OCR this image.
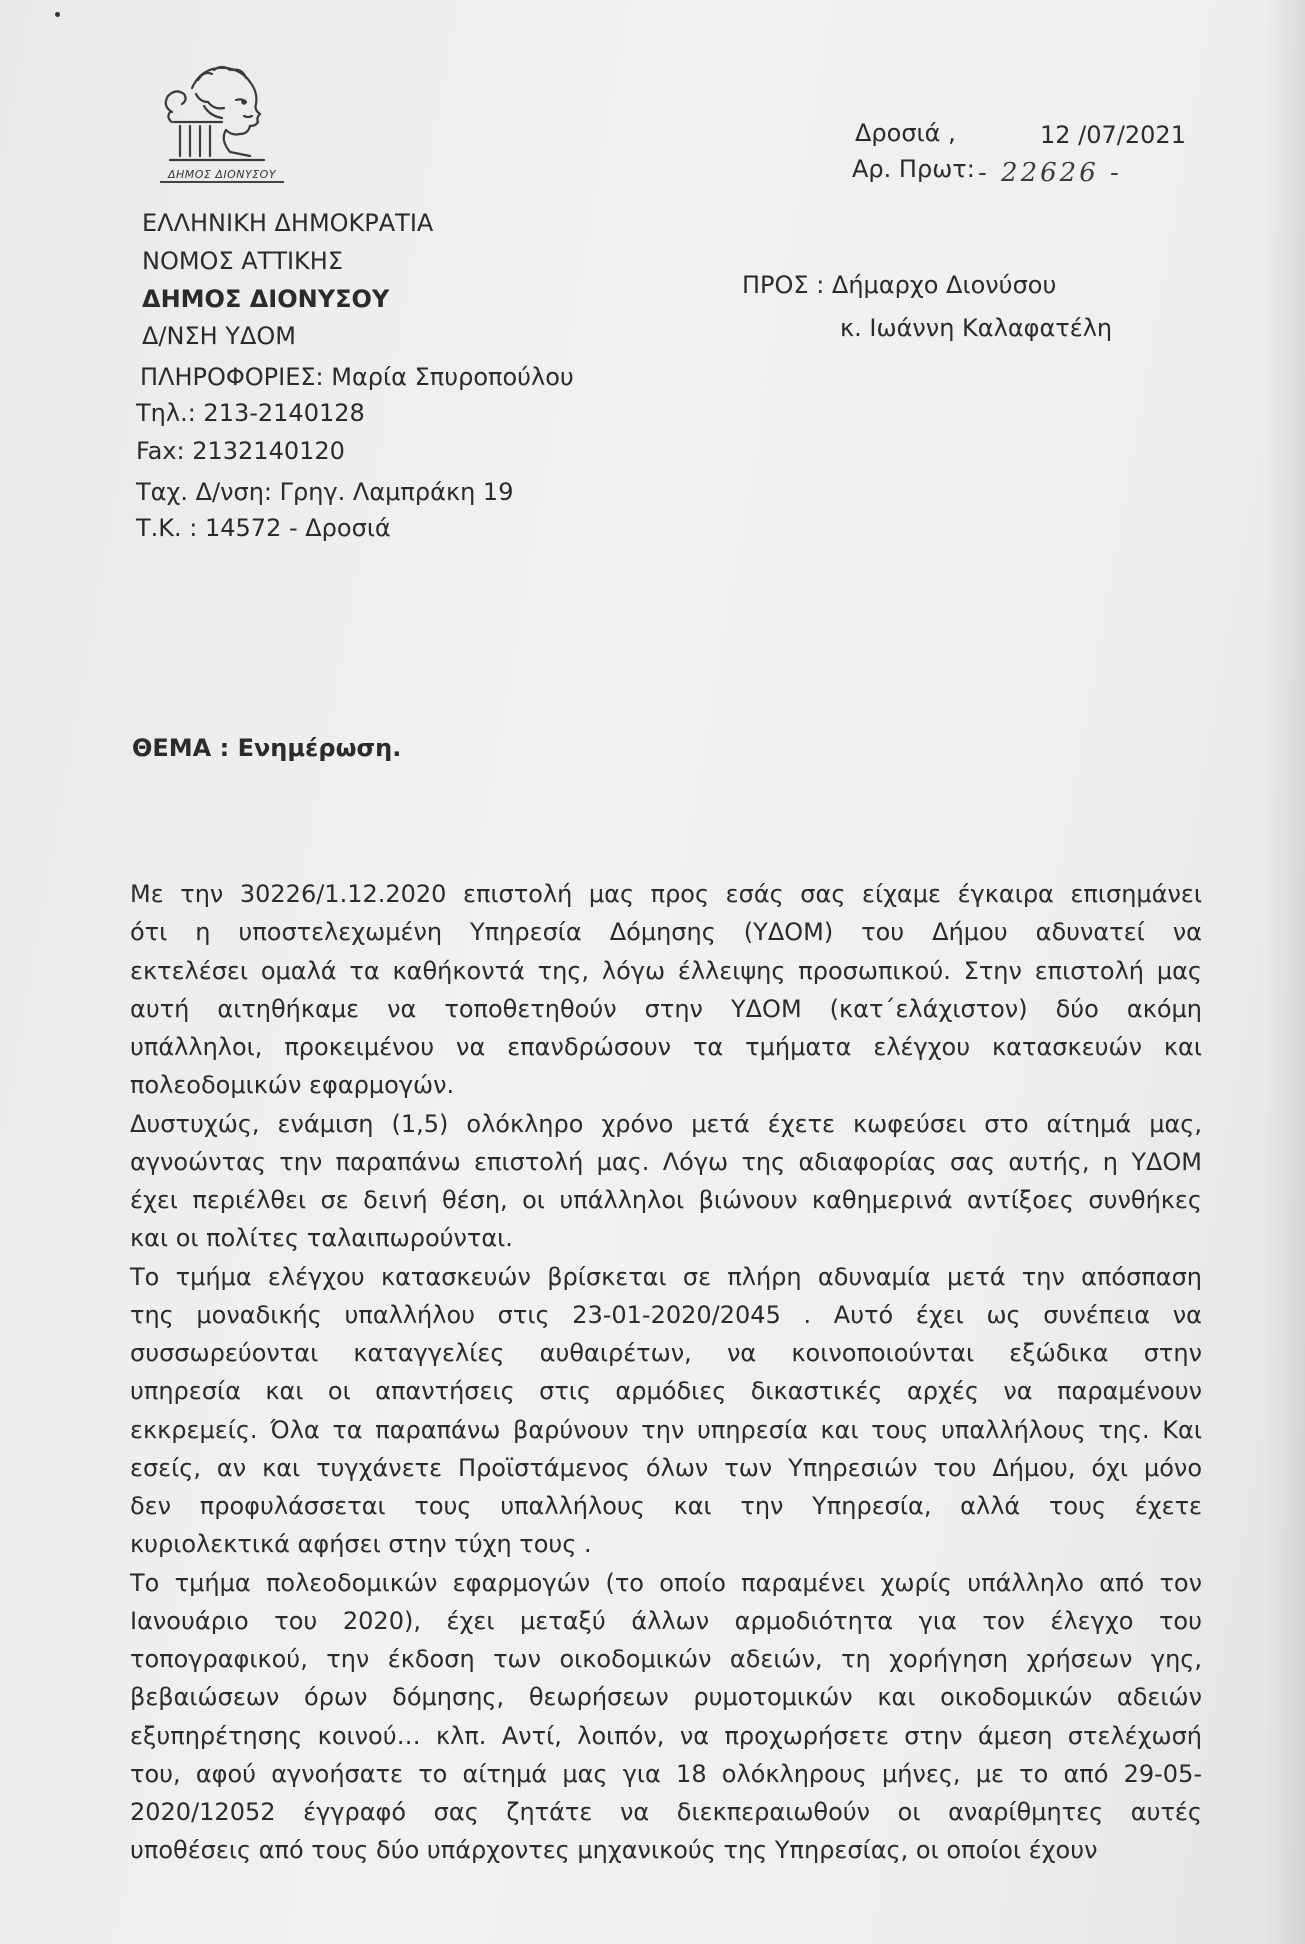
ΔΗΜΟΣ ΔΙΟΝΥΣΟΥ
Δροσιά ,	12 /07/2021
Αρ. Πρωτ: - 22626 -
ΕΛΛΗΝΙΚΗ ΔΗΜΟΚΡΑΤΙΑ
ΝΟΜΟΣ ΑΤΤΙΚΗΣ
ΔΗΜΟΣ ΔΙΟΝΥΣΟΥ
Δ/ΝΣΗ ΥΔΟΜ
ΠΛΗΡΟΦΟΡΙΕΣ: Μαρία Σπυροπούλου
Τηλ.: 213-2140128
Fax: 2132140120
Ταχ. Δ/νση: Γρηγ. Λαμπράκη 19
Τ.Κ. : 14572 - Δροσιά
ΠΡΟΣ : Δήμαρχο Διονύσου
κ. Ιωάννη Καλαφατέλη
ΘΕΜΑ : Ενημέρωση.
Με την 30226/1.12.2020 επιστολή μας προς εσάς σας είχαμε έγκαιρα επισημάνει
ότι η υποστελεχωμένη Υπηρεσία Δόμησης (ΥΔΟΜ) του Δήμου αδυνατεί να
εκτελέσει ομαλά τα καθήκοντά της, λόγω έλλειψης προσωπικού. Στην επιστολή μας
αυτή αιτηθήκαμε να τοποθετηθούν στην ΥΔΟΜ (κατ΄ελάχιστον) δύο ακόμη
υπάλληλοι, προκειμένου να επανδρώσουν τα τμήματα ελέγχου κατασκευών και
πολεοδομικών εφαρμογών.
Δυστυχώς, ενάμιση (1,5) ολόκληρο χρόνο μετά έχετε κωφεύσει στο αίτημά μας,
αγνοώντας την παραπάνω επιστολή μας. Λόγω της αδιαφορίας σας αυτής, η ΥΔΟΜ
έχει περιέλθει σε δεινή θέση, οι υπάλληλοι βιώνουν καθημερινά αντίξοες συνθήκες
και οι πολίτες ταλαιπωρούνται.
Το τμήμα ελέγχου κατασκευών βρίσκεται σε πλήρη αδυναμία μετά την απόσπαση
της μοναδικής υπαλλήλου στις 23-01-2020/2045 . Αυτό έχει ως συνέπεια να
συσσωρεύονται καταγγελίες αυθαιρέτων, να κοινοποιούνται εξώδικα στην
υπηρεσία και οι απαντήσεις στις αρμόδιες δικαστικές αρχές να παραμένουν
εκκρεμείς. Όλα τα παραπάνω βαρύνουν την υπηρεσία και τους υπαλλήλους της. Και
εσείς, αν και τυγχάνετε Προϊστάμενος όλων των Υπηρεσιών του Δήμου, όχι μόνο
δεν προφυλάσσεται τους υπαλλήλους και την Υπηρεσία, αλλά τους έχετε
κυριολεκτικά αφήσει στην τύχη τους .
Το τμήμα πολεοδομικών εφαρμογών (το οποίο παραμένει χωρίς υπάλληλο από τον
Ιανουάριο του 2020), έχει μεταξύ άλλων αρμοδιότητα για τον έλεγχο του
τοπογραφικού, την έκδοση των οικοδομικών αδειών, τη χορήγηση χρήσεων γης,
βεβαιώσεων όρων δόμησης, θεωρήσεων ρυμοτομικών και οικοδομικών αδειών
εξυπηρέτησης κοινού… κλπ. Αντί, λοιπόν, να προχωρήσετε στην άμεση στελέχωσή
του, αφού αγνοήσατε το αίτημά μας για 18 ολόκληρους μήνες, με το από 29-05-
2020/12052 έγγραφό σας ζητάτε να διεκπεραιωθούν οι αναρίθμητες αυτές
υποθέσεις από τους δύο υπάρχοντες μηχανικούς της Υπηρεσίας, οι οποίοι έχουν
